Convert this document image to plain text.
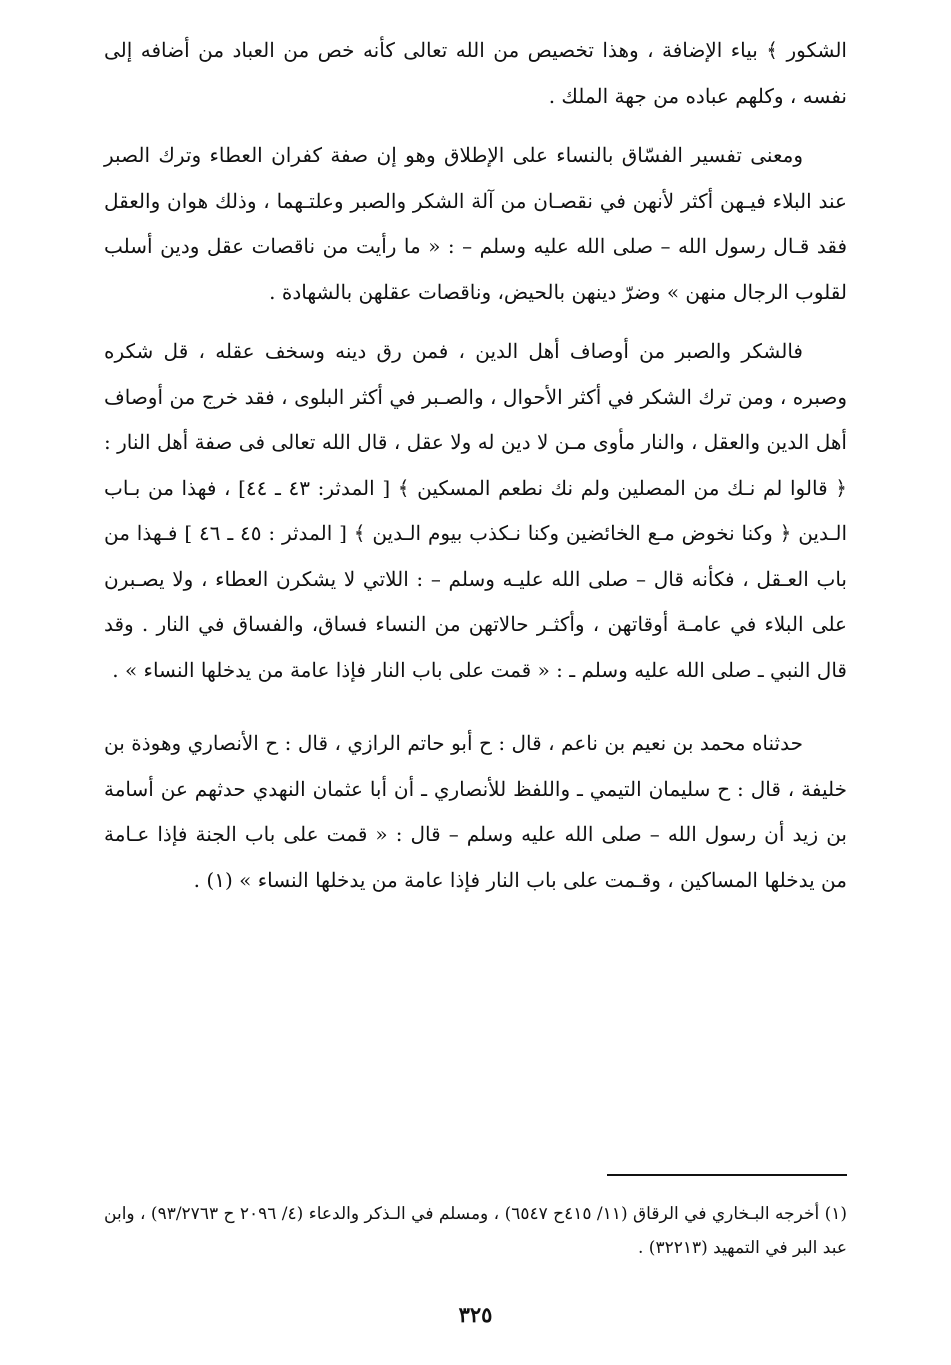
الشكور ﴾ بياء الإضافة ، وهذا تخصيص من الله تعالى كأنه خص من العباد من أضافه إلى نفسه ، وكلهم عباده من جهة الملك .

ومعنى تفسير الفسّاق بالنساء على الإطلاق وهو إن صفة كفران العطاء وترك الصبر عند البلاء فيـهن أكثر لأنهن في نقصـان من آلة الشكر والصبر وعلتـهما ، وذلك هوان والعقل فقد قـال رسول الله – صلى الله عليه وسلم – : « ما رأيت من ناقصات عقل ودين أسلب لقلوب الرجال منهن » وضرّ دينهن بالحيض، وناقصات عقلهن بالشهادة .

فالشكر والصبر من أوصاف أهل الدين ، فمن رق دينه وسخف عقله ، قل شكره وصبره ، ومن ترك الشكر في أكثر الأحوال ، والصـبر في أكثر البلوى ، فقد خرج من أوصاف أهل الدين والعقل ، والنار مأوى مـن لا دين له ولا عقل ، قال الله تعالى فى صفة أهل النار : ﴿ قالوا لم نـك من المصلين ولم نك نطعم المسكين ﴾ [ المدثر: ٤٣ ـ ٤٤] ، فهذا من بـاب الـدين ﴿ وكنا نخوض مـع الخائضين وكنا نـكذب بيوم الـدين ﴾ [ المدثر : ٤٥ ـ ٤٦ ] فـهذا من باب العـقل ، فكأنه قال – صلى الله عليـه وسلم – : اللاتي لا يشكرن العطاء ، ولا يصـبرن على البلاء في عامـة أوقاتهن ، وأكثـر حالاتهن من النساء فساق، والفساق في النار . وقد قال النبي ـ صلى الله عليه وسلم ـ : « قمت على باب النار فإذا عامة من يدخلها النساء » .

حدثناه محمد بن نعيم بن ناعم ، قال : ح أبو حاتم الرازي ، قال : ح الأنصاري وهوذة بن خليفة ، قال : ح سليمان التيمي ـ واللفظ للأنصاري ـ أن أبا عثمان النهدي حدثهم عن أسامة بن زيد أن رسول الله – صلى الله عليه وسلم – قال : « قمت على باب الجنة فإذا عـامة من يدخلها المساكين ، وقـمت على باب النار فإذا عامة من يدخلها النساء » (١) .

(١) أخرجه البـخاري في الرقاق (١١/ ٤١٥ح ٦٥٤٧) ، ومسلم في الـذكر والدعاء (٤/ ٢٠٩٦ ح ٩٣/٢٧٦٣) ، وابن عبد البر في التمهيد (٣٢٢١٣) .
٣٢٥
